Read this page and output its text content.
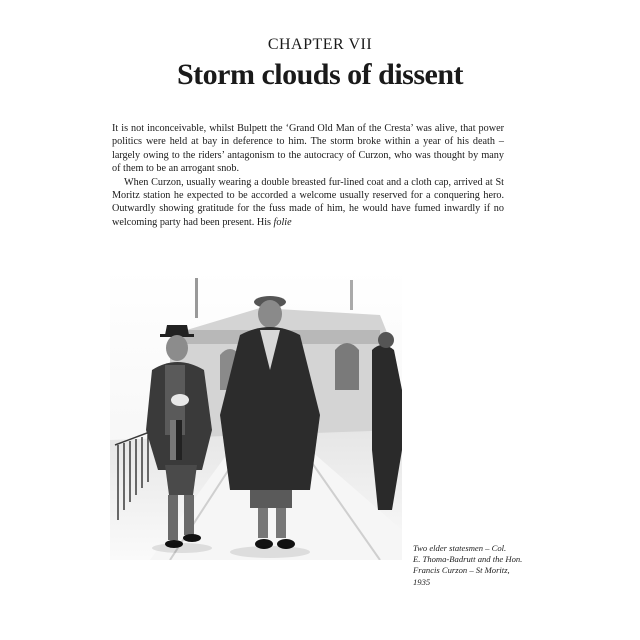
CHAPTER VII
Storm clouds of dissent

It is not inconceivable, whilst Bulpett the ‘Grand Old Man of the Cresta’ was alive, that power politics were held at bay in deference to him. The storm broke within a year of his death – largely owing to the riders’ antagonism to the autocracy of Curzon, who was thought by many of them to be an arrogant snob.

When Curzon, usually wearing a double breasted fur-lined coat and a cloth cap, arrived at St Moritz station he expected to be accorded a welcome usually reserved for a conquering hero. Outwardly showing gratitude for the fuss made of him, he would have fumed inwardly if no welcoming party had been present. His folie

Two elder statesmen – Col.
E. Thoma-Badrutt and the Hon.
Francis Curzon – St Moritz,
1935
